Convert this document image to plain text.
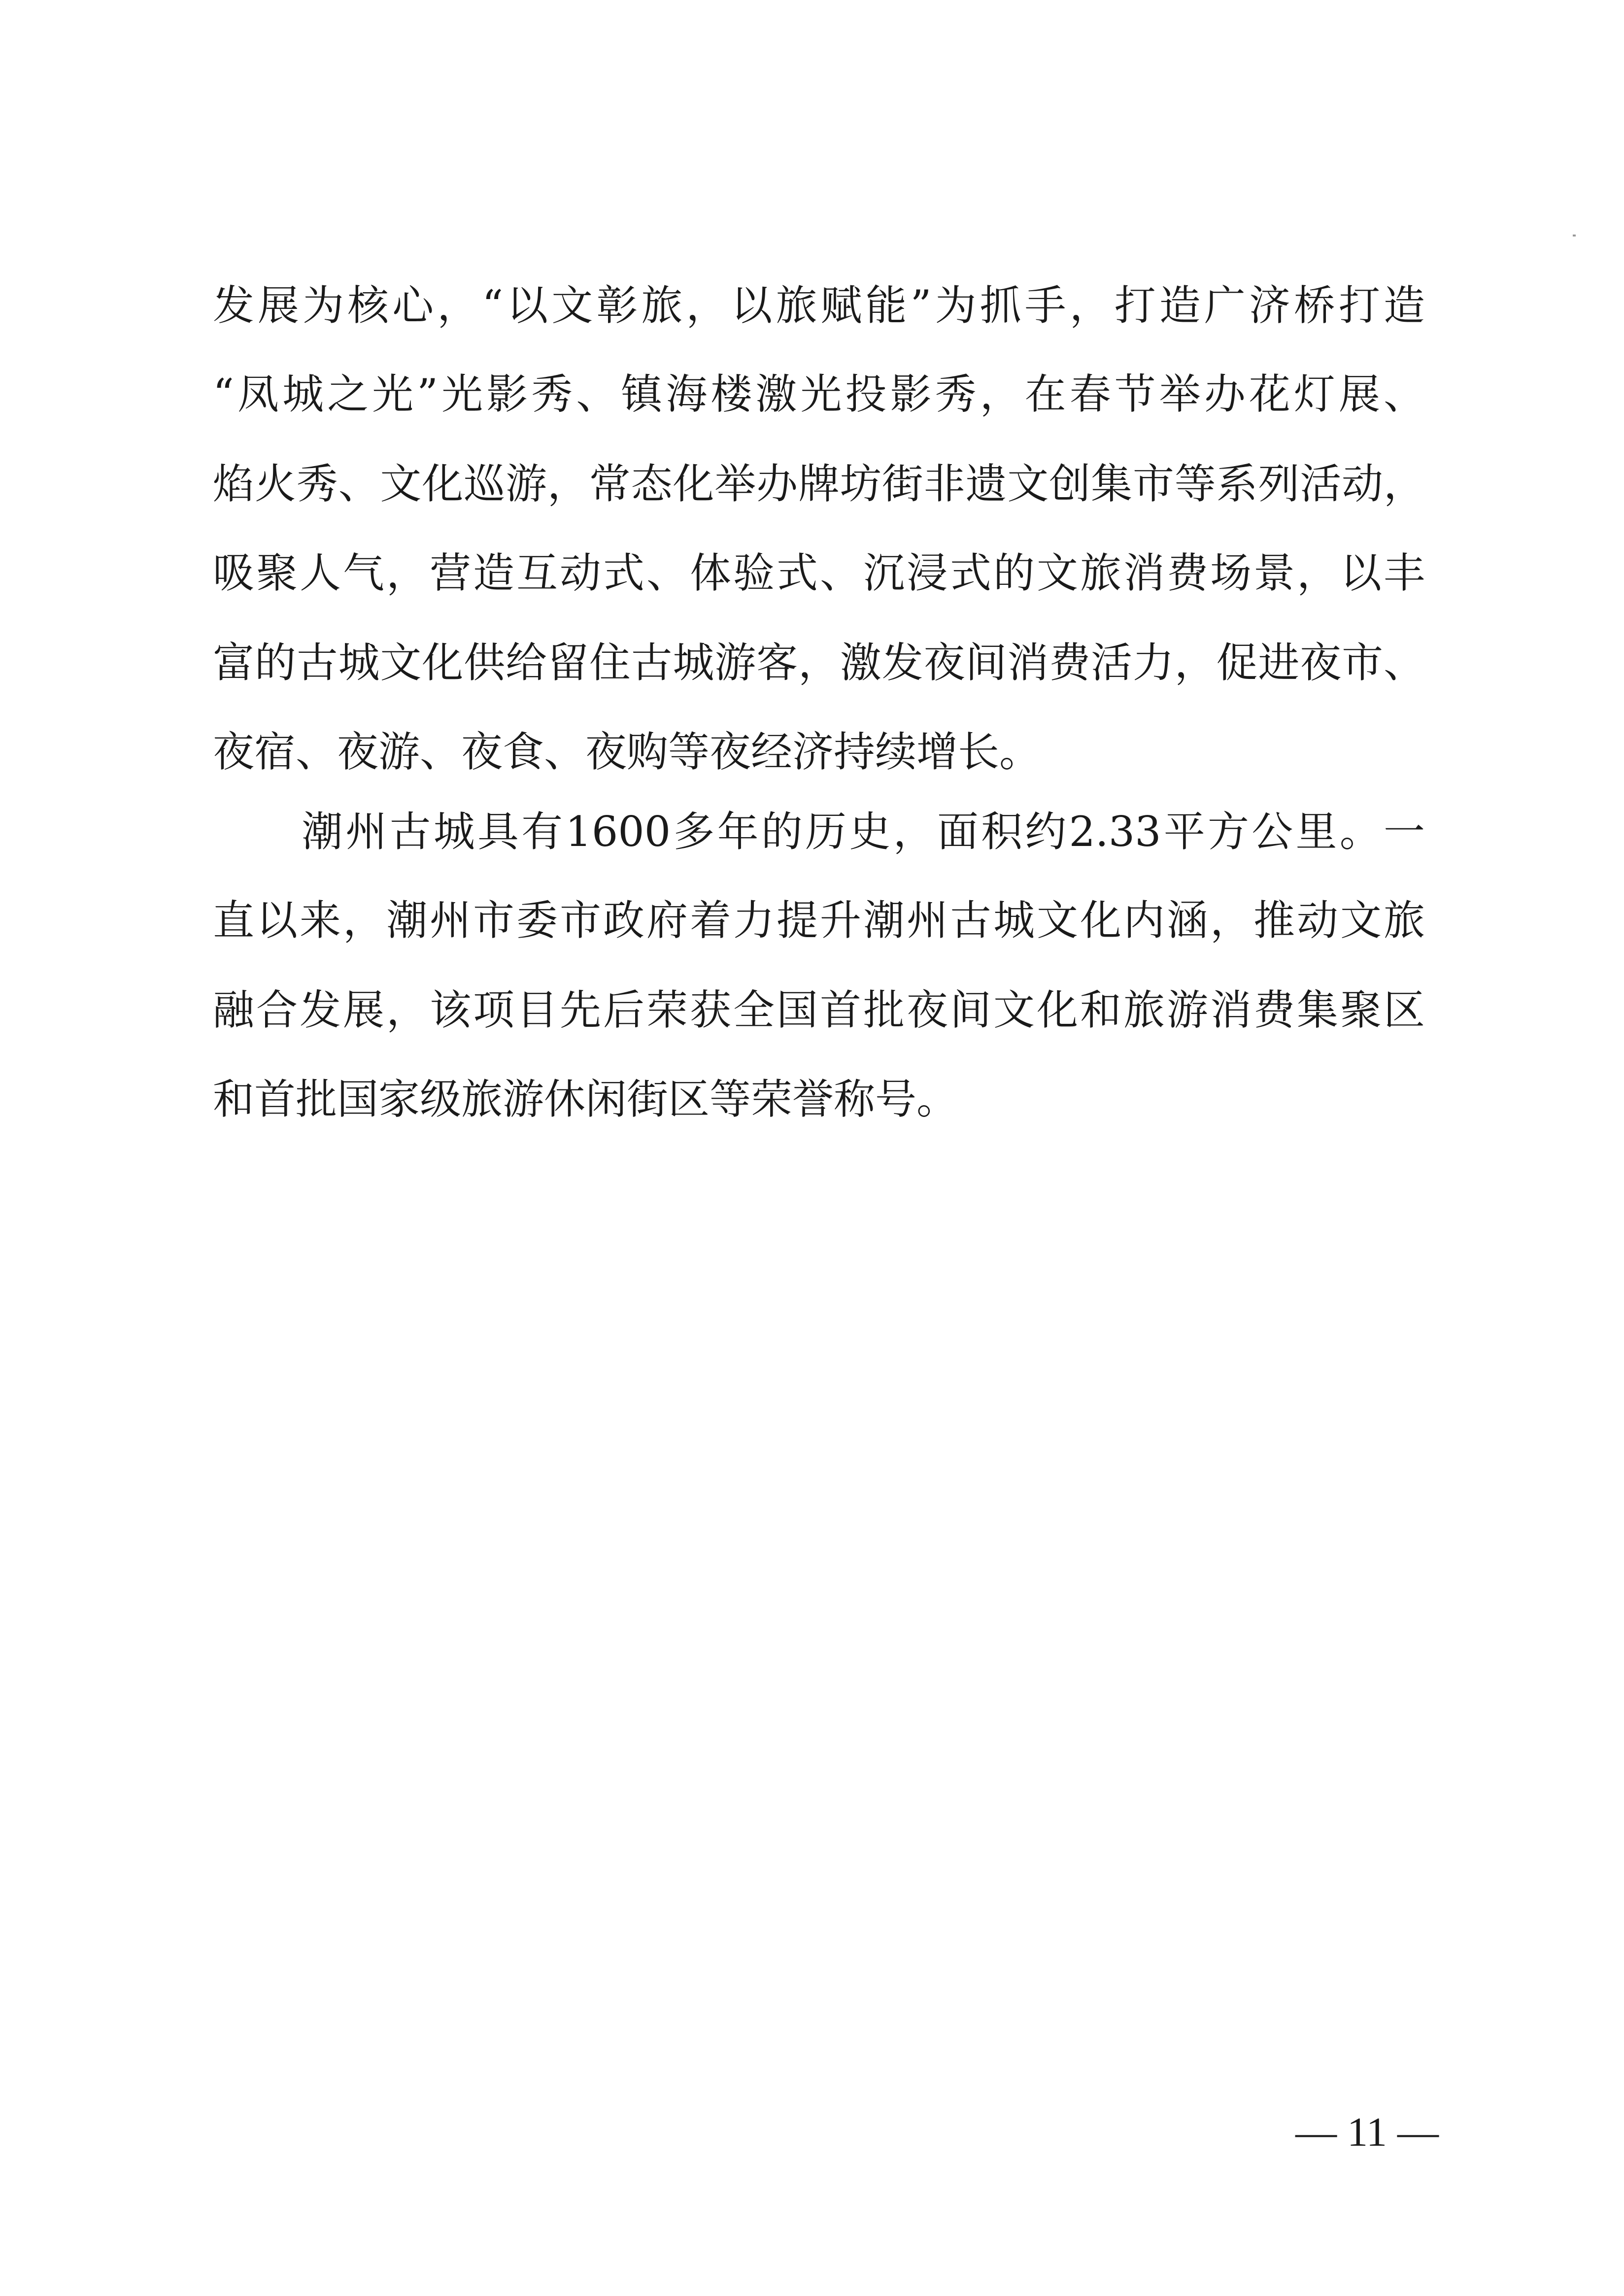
发展为核心，“以文彰旅，以旅赋能”为抓手，打造广济桥打造
“凤城之光”光影秀、镇海楼激光投影秀，在春节举办花灯展、
焰火秀、文化巡游，常态化举办牌坊街非遗文创集市等系列活动，
吸聚人气，营造互动式、体验式、沉浸式的文旅消费场景，以丰
富的古城文化供给留住古城游客，激发夜间消费活力，促进夜市、
夜宿、夜游、夜食、夜购等夜经济持续增长。
潮州古城具有1600多年的历史，面积约2.33平方公里。一
直以来，潮州市委市政府着力提升潮州古城文化内涵，推动文旅
融合发展，该项目先后荣获全国首批夜间文化和旅游消费集聚区
和首批国家级旅游休闲街区等荣誉称号。
— 11 —
